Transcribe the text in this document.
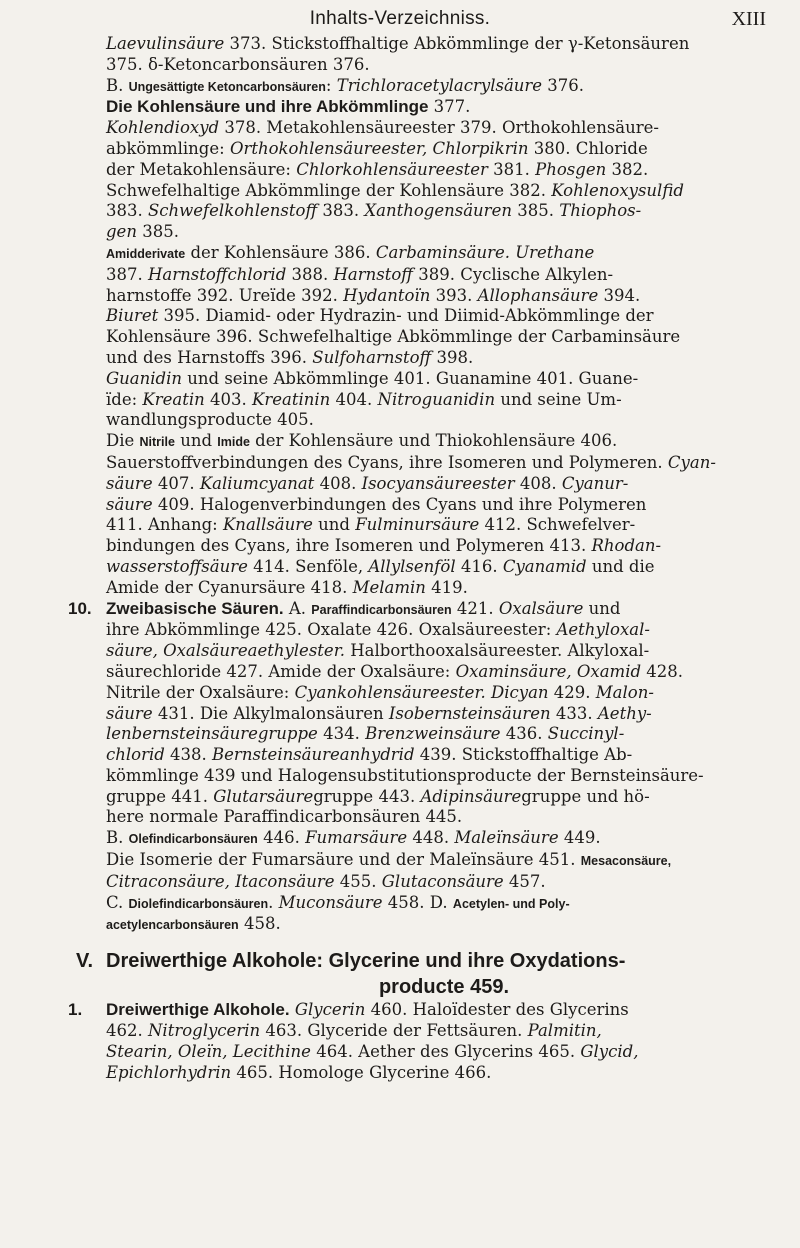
Inhalts-Verzeichniss.	XIII
Laevulinsäure 373. Stickstoffhaltige Abkömmlinge der γ-Ketonsäuren
375. δ-Ketoncarbonsäuren 376.
B. Ungesättigte Ketoncarbonsäuren: Trichloracetylacrylsäure 376.
Die Kohlensäure und ihre Abkömmlinge 377.
Kohlendioxyd 378. Metakohlensäureester 379. Orthokohlensäure-
abkömmlinge: Orthokohlensäureester, Chlorpikrin 380. Chloride
der Metakohlensäure: Chlorkohlensäureester 381. Phosgen 382.
Schwefelhaltige Abkömmlinge der Kohlensäure 382. Kohlenoxysulfid
383. Schwefelkohlenstoff 383. Xanthogensäuren 385. Thiophos-
gen 385.
Amidderivate der Kohlensäure 386. Carbaminsäure. Urethane
387. Harnstoffchlorid 388. Harnstoff 389. Cyclische Alkylen-
harnstoffe 392. Ureïde 392. Hydantoïn 393. Allophansäure 394.
Biuret 395. Diamid- oder Hydrazin- und Diimid-Abkömmlinge der
Kohlensäure 396. Schwefelhaltige Abkömmlinge der Carbaminsäure
und des Harnstoffs 396. Sulfoharnstoff 398.
Guanidin und seine Abkömmlinge 401. Guanamine 401. Guane-
ïde: Kreatin 403. Kreatinin 404. Nitroguanidin und seine Um-
wandlungsproducte 405.
Die Nitrile und Imide der Kohlensäure und Thiokohlensäure 406.
Sauerstoffverbindungen des Cyans, ihre Isomeren und Polymeren. Cyan-
säure 407. Kaliumcyanat 408. Isocyansäureester 408. Cyanur-
säure 409. Halogenverbindungen des Cyans und ihre Polymeren
411. Anhang: Knallsäure und Fulminursäure 412. Schwefelver-
bindungen des Cyans, ihre Isomeren und Polymeren 413. Rhodan-
wasserstoffsäure 414. Senföle, Allylsenföl 416. Cyanamid und die
Amide der Cyanursäure 418. Melamin 419.
10. Zweibasische Säuren. A. Paraffindicarbonsäuren 421. Oxalsäure und
ihre Abkömmlinge 425. Oxalate 426. Oxalsäureester: Aethyloxal-
säure, Oxalsäureaethylester. Halborthooxalsäureester. Alkyloxal-
säurechloride 427. Amide der Oxalsäure: Oxaminsäure, Oxamid 428.
Nitrile der Oxalsäure: Cyankohlensäureester. Dicyan 429. Malon-
säure 431. Die Alkylmalonsäuren Isobernsteinsäuren 433. Aethy-
lenbernsteinsäuregruppe 434. Brenzweinsäure 436. Succinyl-
chlorid 438. Bernsteinsäureanhydrid 439. Stickstoffhaltige Ab-
kömmlinge 439 und Halogensubstitutionsproducte der Bernsteinsäure-
gruppe 441. Glutarsäuregruppe 443. Adipinsäuregruppe und hö-
here normale Paraffindicarbonsäuren 445.
B. Olefindicarbonsäuren 446. Fumarsäure 448. Maleïnsäure 449.
Die Isomerie der Fumarsäure und der Maleïnsäure 451. Mesaconsäure,
Citraconsäure, Itaconsäure 455. Glutaconsäure 457.
C. Diolefindicarbonsäuren. Muconsäure 458. D. Acetylen- und Poly-
acetylencarbonsäuren 458.
V. Dreiwerthige Alkohole: Glycerine und ihre Oxydations-
producte 459.
1. Dreiwerthige Alkohole. Glycerin 460. Haloïdester des Glycerins
462. Nitroglycerin 463. Glyceride der Fettsäuren. Palmitin,
Stearin, Oleïn, Lecithine 464. Aether des Glycerins 465. Glycid,
Epichlorhydrin 465. Homologe Glycerine 466.
